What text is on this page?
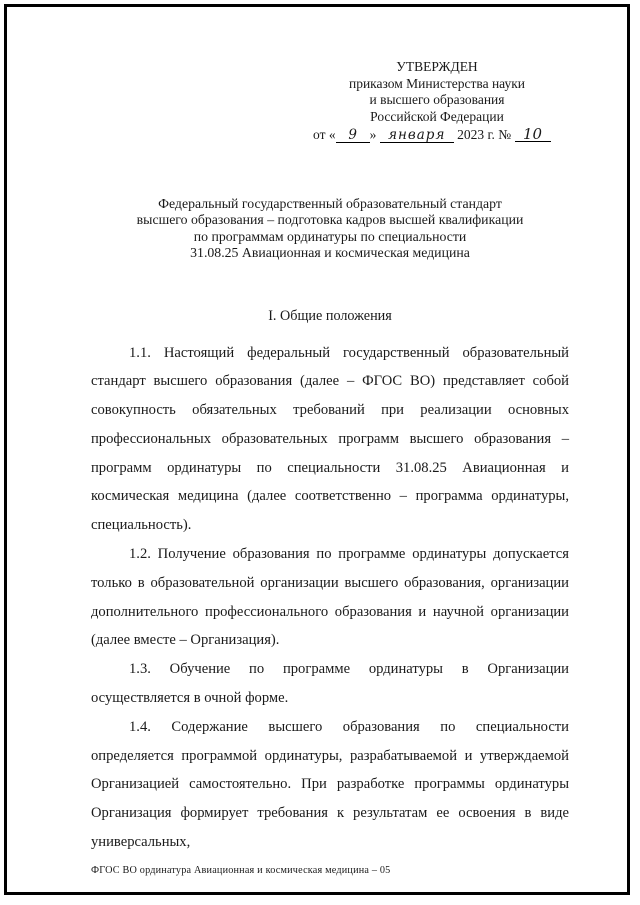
УТВЕРЖДЕН
приказом Министерства науки
и высшего образования
Российской Федерации
от « 9 » января 2023 г. № 10
Федеральный государственный образовательный стандарт
высшего образования – подготовка кадров высшей квалификации
по программам ординатуры по специальности
31.08.25 Авиационная и космическая медицина
I. Общие положения

1.1. Настоящий федеральный государственный образовательный стандарт высшего образования (далее – ФГОС ВО) представляет собой совокупность обязательных требований при реализации основных профессиональных образовательных программ высшего образования – программ ординатуры по специальности 31.08.25 Авиационная и космическая медицина (далее соответственно – программа ординатуры, специальность).

1.2. Получение образования по программе ординатуры допускается только в образовательной организации высшего образования, организации дополнительного профессионального образования и научной организации (далее вместе – Организация).

1.3. Обучение по программе ординатуры в Организации осуществляется в очной форме.

1.4. Содержание высшего образования по специальности определяется программой ординатуры, разрабатываемой и утверждаемой Организацией самостоятельно. При разработке программы ординатуры Организация формирует требования к результатам ее освоения в виде универсальных,

ФГОС ВО ординатура Авиационная и космическая медицина – 05
